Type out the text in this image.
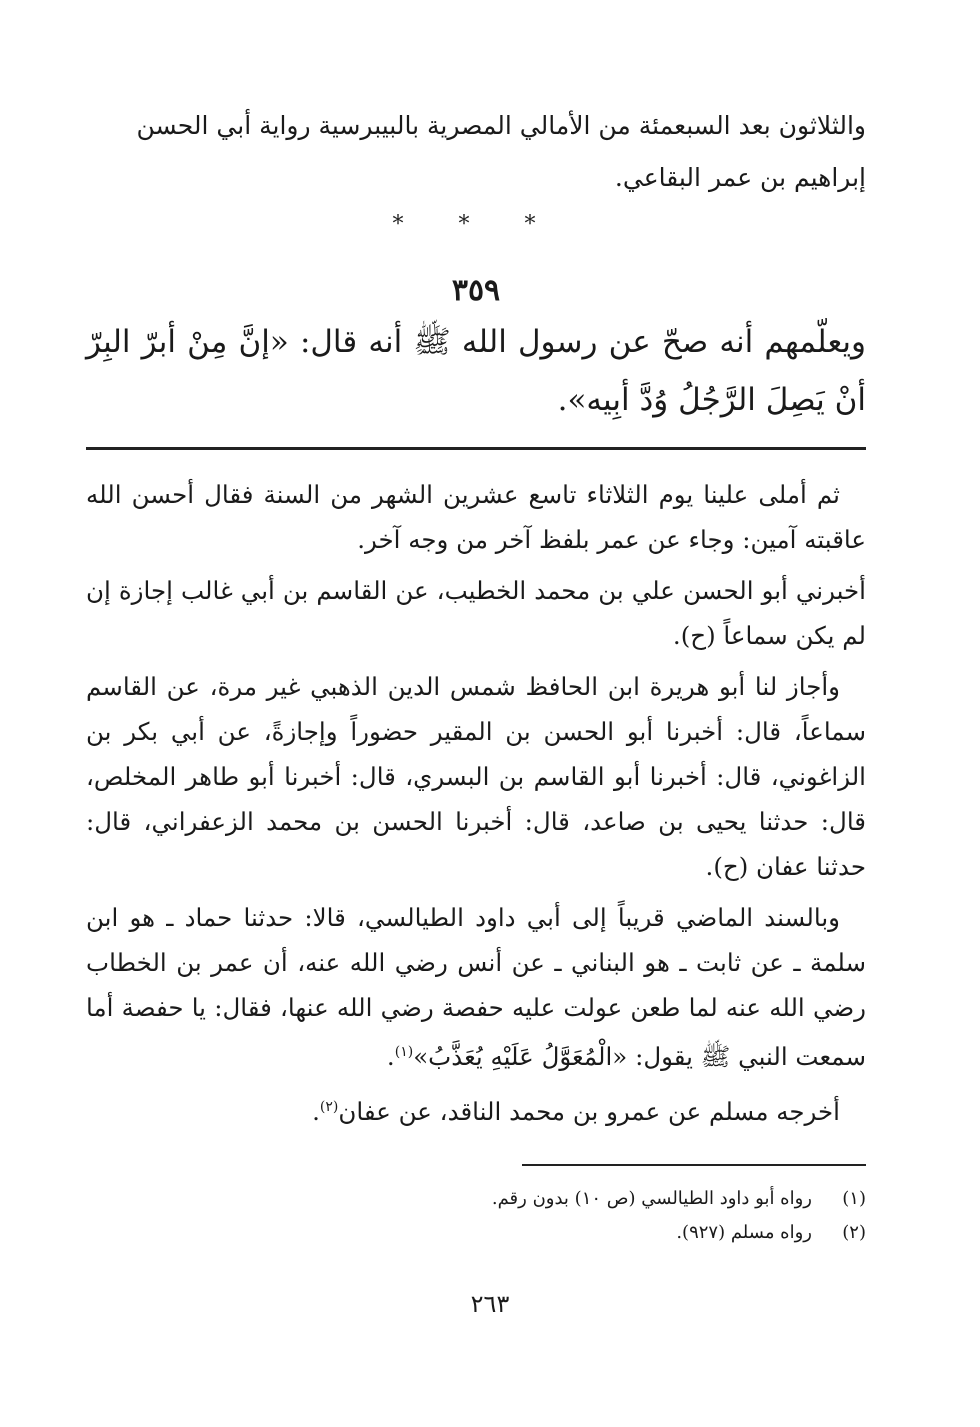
والثلاثون بعد السبعمئة من الأمالي المصرية بالبيبرسية رواية أبي الحسن
إبراهيم بن عمر البقاعي.

* * *
٣٥٩

ويعلّمهم أنه صحّ عن رسول الله ﷺ أنه قال: «إنَّ مِنْ أبرّ البِرّ أنْ يَصِلَ الرَّجُلُ وُدَّ أبِيه».

ثم أملى علينا يوم الثلاثاء تاسع عشرين الشهر من السنة فقال أحسن الله عاقبته آمين: وجاء عن عمر بلفظ آخر من وجه آخر.

أخبرني أبو الحسن علي بن محمد الخطيب، عن القاسم بن أبي غالب إجازة إن لم يكن سماعاً (ح).

وأجاز لنا أبو هريرة ابن الحافظ شمس الدين الذهبي غير مرة، عن القاسم سماعاً، قال: أخبرنا أبو الحسن بن المقير حضوراً وإجازةً، عن أبي بكر بن الزاغوني، قال: أخبرنا أبو القاسم بن البسري، قال: أخبرنا أبو طاهر المخلص، قال: حدثنا يحيى بن صاعد، قال: أخبرنا الحسن بن محمد الزعفراني، قال: حدثنا عفان (ح).

وبالسند الماضي قريباً إلى أبي داود الطيالسي، قالا: حدثنا حماد ـ هو ابن سلمة ـ عن ثابت ـ هو البناني ـ عن أنس رضي الله عنه، أن عمر بن الخطاب رضي الله عنه لما طعن عولت عليه حفصة رضي الله عنها، فقال: يا حفصة أما سمعت النبي ﷺ يقول: «الْمُعَوَّلُ عَلَيْهِ يُعَذَّبُ»$^{(١)}$.

أخرجه مسلم عن عمرو بن محمد الناقد، عن عفان$^{(٢)}$.

(١)
رواه أبو داود الطيالسي (ص ١٠) بدون رقم.
(٢)
رواه مسلم (٩٢٧).
٢٦٣
